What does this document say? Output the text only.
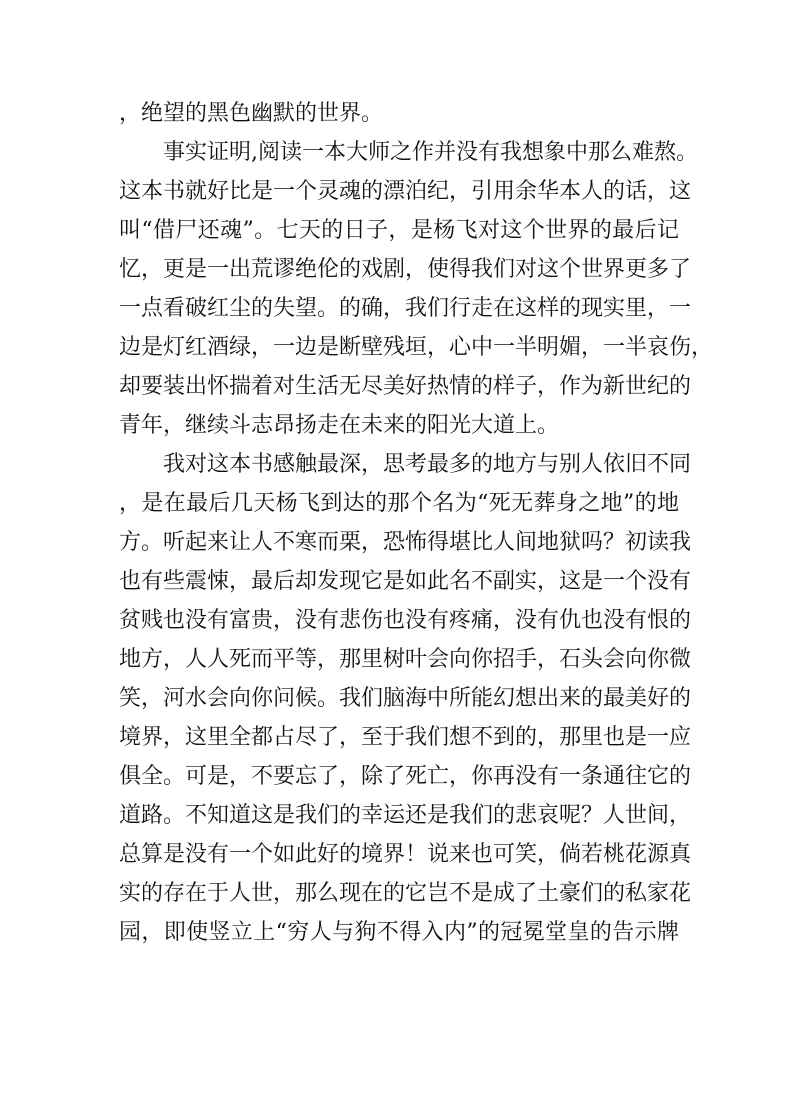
，绝望的黑色幽默的世界。
事实证明,阅读一本大师之作并没有我想象中那么难熬。
这本书就好比是一个灵魂的漂泊纪，引用余华本人的话，这
叫“借尸还魂”。七天的日子，是杨飞对这个世界的最后记
忆，更是一出荒谬绝伦的戏剧，使得我们对这个世界更多了
一点看破红尘的失望。的确，我们行走在这样的现实里，一
边是灯红酒绿，一边是断壁残垣，心中一半明媚，一半哀伤，
却要装出怀揣着对生活无尽美好热情的样子，作为新世纪的
青年，继续斗志昂扬走在未来的阳光大道上。
我对这本书感触最深，思考最多的地方与别人依旧不同
，是在最后几天杨飞到达的那个名为“死无葬身之地”的地
方。听起来让人不寒而栗，恐怖得堪比人间地狱吗？初读我
也有些震悚，最后却发现它是如此名不副实，这是一个没有
贫贱也没有富贵，没有悲伤也没有疼痛，没有仇也没有恨的
地方，人人死而平等，那里树叶会向你招手，石头会向你微
笑，河水会向你问候。我们脑海中所能幻想出来的最美好的
境界，这里全都占尽了，至于我们想不到的，那里也是一应
俱全。可是，不要忘了，除了死亡，你再没有一条通往它的
道路。不知道这是我们的幸运还是我们的悲哀呢？人世间，
总算是没有一个如此好的境界！说来也可笑，倘若桃花源真
实的存在于人世，那么现在的它岂不是成了土豪们的私家花
园，即使竖立上“穷人与狗不得入内”的冠冕堂皇的告示牌
